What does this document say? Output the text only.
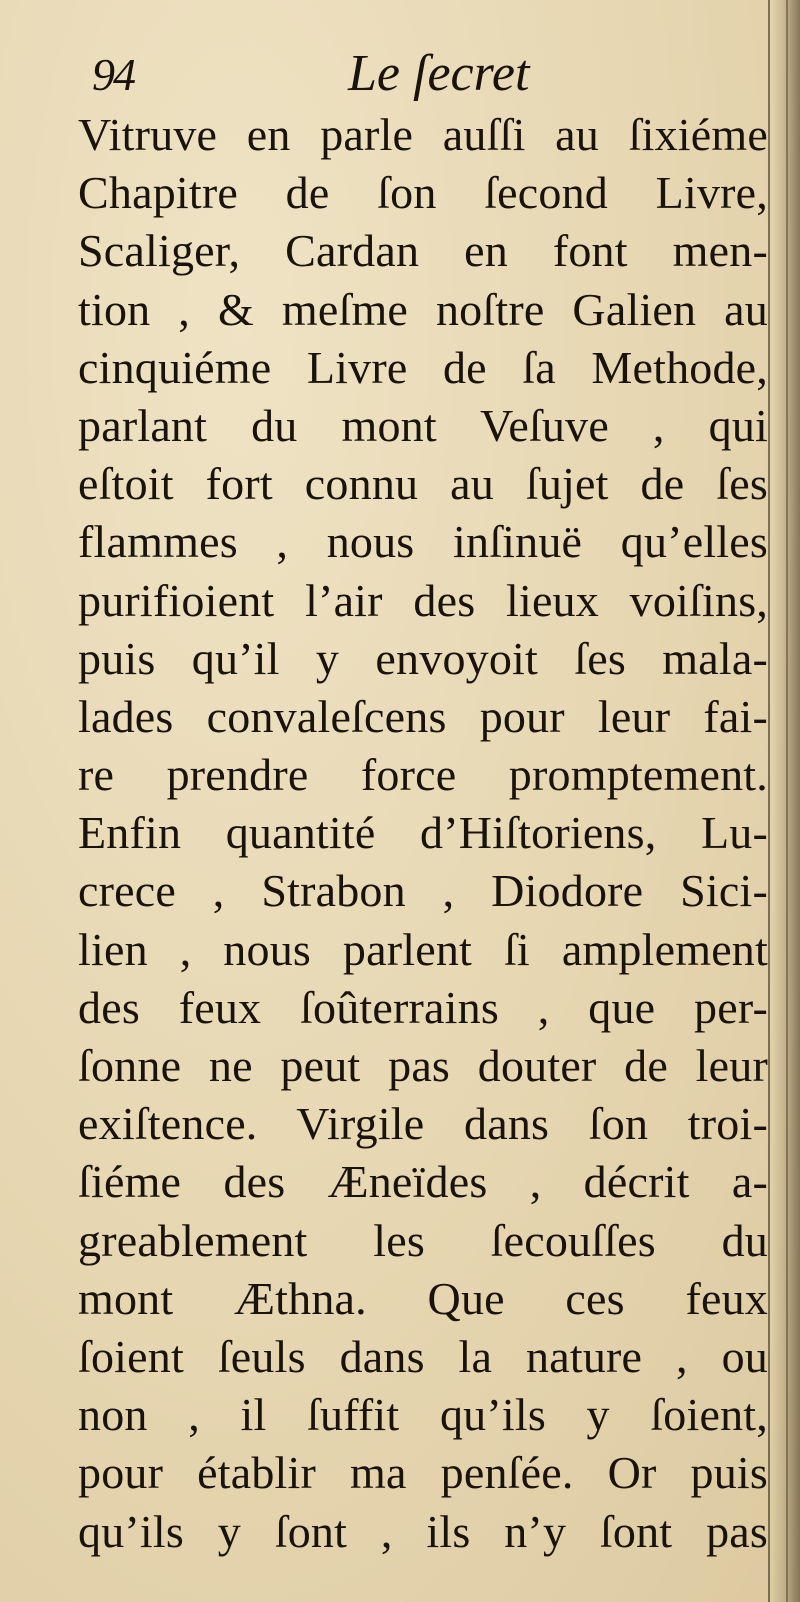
94	Le ſecret
Vitruve en parle auſſi au ſixiéme
Chapitre de ſon ſecond Livre,
Scaliger, Cardan en font men-
tion , & meſme noſtre Galien au
cinquiéme Livre de ſa Methode,
parlant du mont Veſuve , qui
eſtoit fort connu au ſujet de ſes
flammes , nous inſinuë qu’elles
purifioient l’air des lieux voiſins,
puis qu’il y envoyoit ſes mala-
lades convaleſcens pour leur fai-
re prendre force promptement.
Enfin quantité d’Hiſtoriens, Lu-
crece , Strabon , Diodore Sici-
lien , nous parlent ſi amplement
des feux ſoûterrains , que per-
ſonne ne peut pas douter de leur
exiſtence. Virgile dans ſon troi-
ſiéme des Æneïdes , décrit a-
greablement les ſecouſſes du
mont Æthna. Que ces feux
ſoient ſeuls dans la nature , ou
non , il ſuffit qu’ils y ſoient,
pour établir ma penſée. Or puis
qu’ils y ſont , ils n’y ſont pas
